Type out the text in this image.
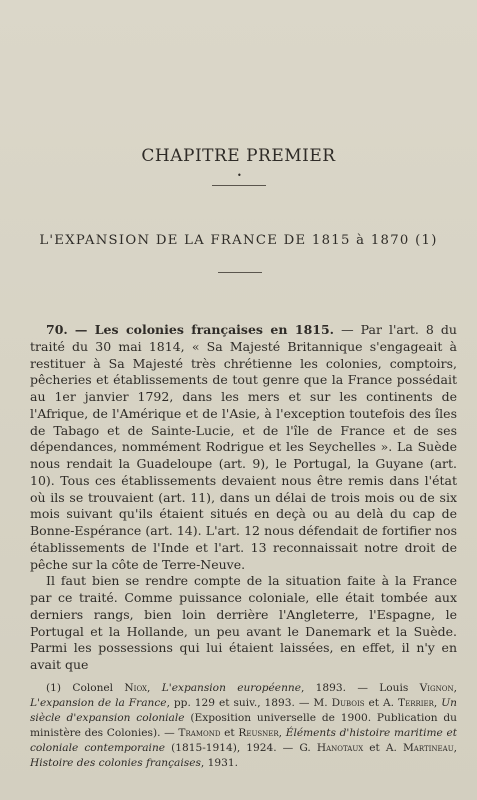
CHAPITRE PREMIER
•
L'EXPANSION DE LA FRANCE DE 1815 à 1870 (1)

70. — Les colonies françaises en 1815. — Par l'art. 8 du traité du 30 mai 1814, « Sa Majesté Britannique s'engageait à restituer à Sa Majesté très chrétienne les colonies, comptoirs, pêcheries et établissements de tout genre que la France possédait au 1er janvier 1792, dans les mers et sur les continents de l'Afrique, de l'Amérique et de l'Asie, à l'exception toutefois des îles de Tabago et de Sainte-Lucie, et de l'île de France et de ses dépendances, nommément Rodrigue et les Seychelles ». La Suède nous rendait la Guadeloupe (art. 9), le Portugal, la Guyane (art. 10). Tous ces établissements devaient nous être remis dans l'état où ils se trouvaient (art. 11), dans un délai de trois mois ou de six mois suivant qu'ils étaient situés en deçà ou au delà du cap de Bonne-Espérance (art. 14). L'art. 12 nous défendait de fortifier nos établissements de l'Inde et l'art. 13 reconnaissait notre droit de pêche sur la côte de Terre-Neuve.

Il faut bien se rendre compte de la situation faite à la France par ce traité. Comme puissance coloniale, elle était tombée aux derniers rangs, bien loin derrière l'Angleterre, l'Espagne, le Portugal et la Hollande, un peu avant le Danemark et la Suède. Parmi les possessions qui lui étaient laissées, en effet, il n'y en avait que

(1) Colonel Niox, L'expansion européenne, 1893. — Louis Vignon, L'expansion de la France, pp. 129 et suiv., 1893. — M. Dubois et A. Terrier, Un siècle d'expansion coloniale (Exposition universelle de 1900. Publication du ministère des Colonies). — Tramond et Reusner, Éléments d'histoire maritime et coloniale contemporaine (1815-1914), 1924. — G. Hanotaux et A. Martineau, Histoire des colonies françaises, 1931.
